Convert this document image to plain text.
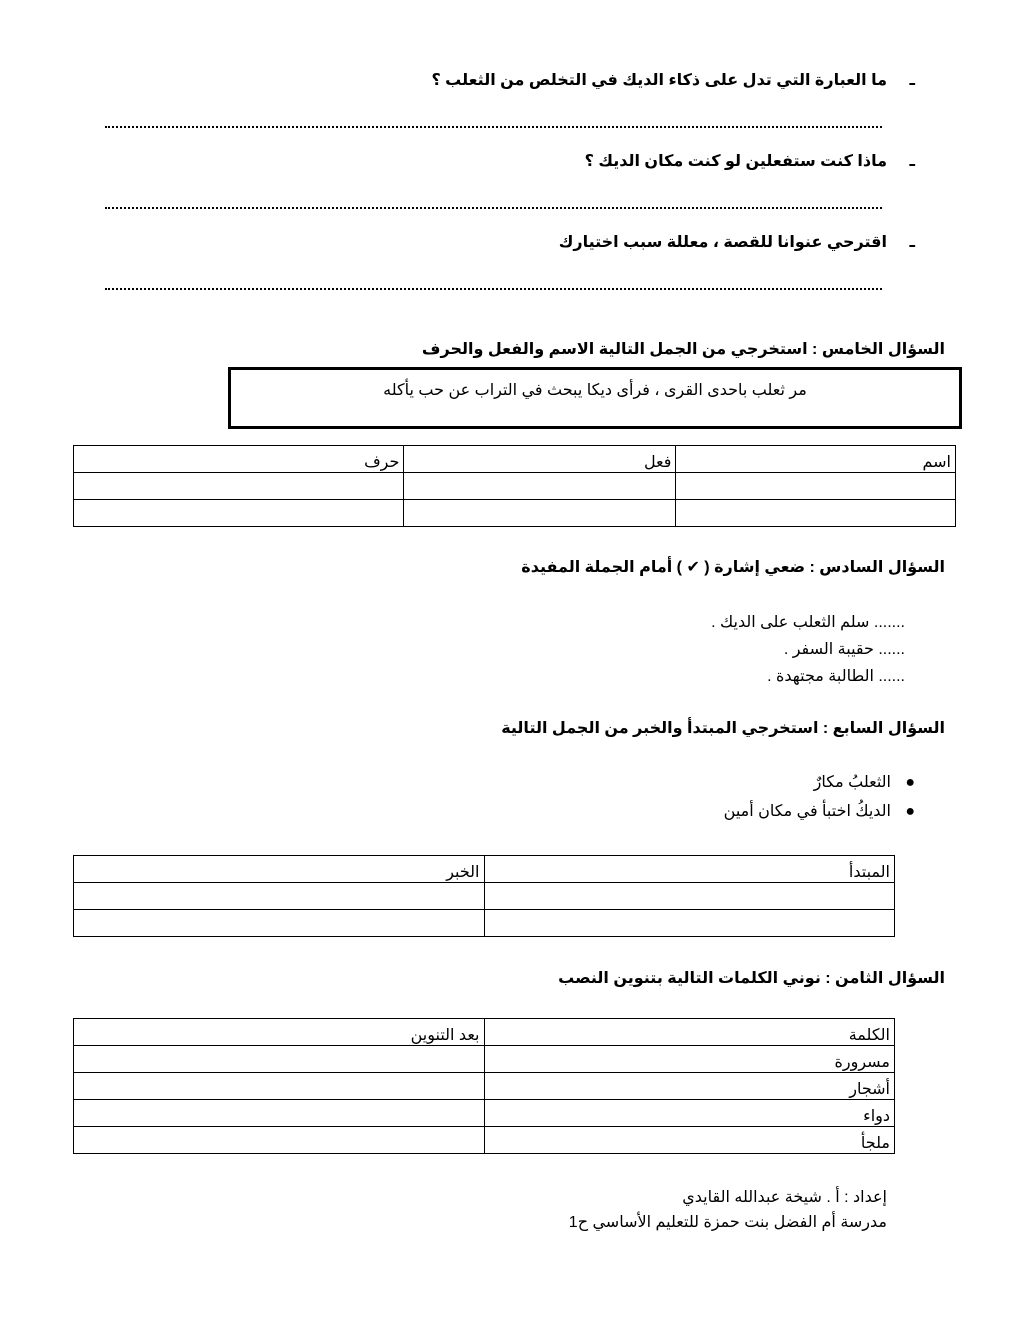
ـما العبارة التي تدل على ذكاء الديك في التخلص من الثعلب ؟
ـماذا كنت ستفعلين لو كنت مكان الديك ؟
ـاقترحي عنوانا للقصة ، معللة سبب اختيارك
السؤال الخامس : استخرجي من الجمل التالية الاسم والفعل والحرف
مر ثعلب باحدى القرى ، فرأى ديكا يبحث في التراب عن حب يأكله
اسم	فعل	حرف

السؤال السادس : ضعي إشارة ( ✔ ) أمام الجملة المفيدة
....... سلم الثعلب على الديك .
...... حقيبة السفر .
...... الطالبة مجتهدة .
السؤال السابع : استخرجي المبتدأ والخبر من الجمل التالية
●الثعلبُ مكارٌ
●الديكُ اختبأ في مكان أمين
المبتدأ	الخبر

السؤال الثامن : نوني الكلمات التالية بتنوين النصب
الكلمة	بعد التنوين
مسرورة	
أشجار	
دواء	
ملجأ	
إعداد : أ . شيخة عبدالله القايدي
مدرسة أم الفضل بنت حمزة للتعليم الأساسي ح1
